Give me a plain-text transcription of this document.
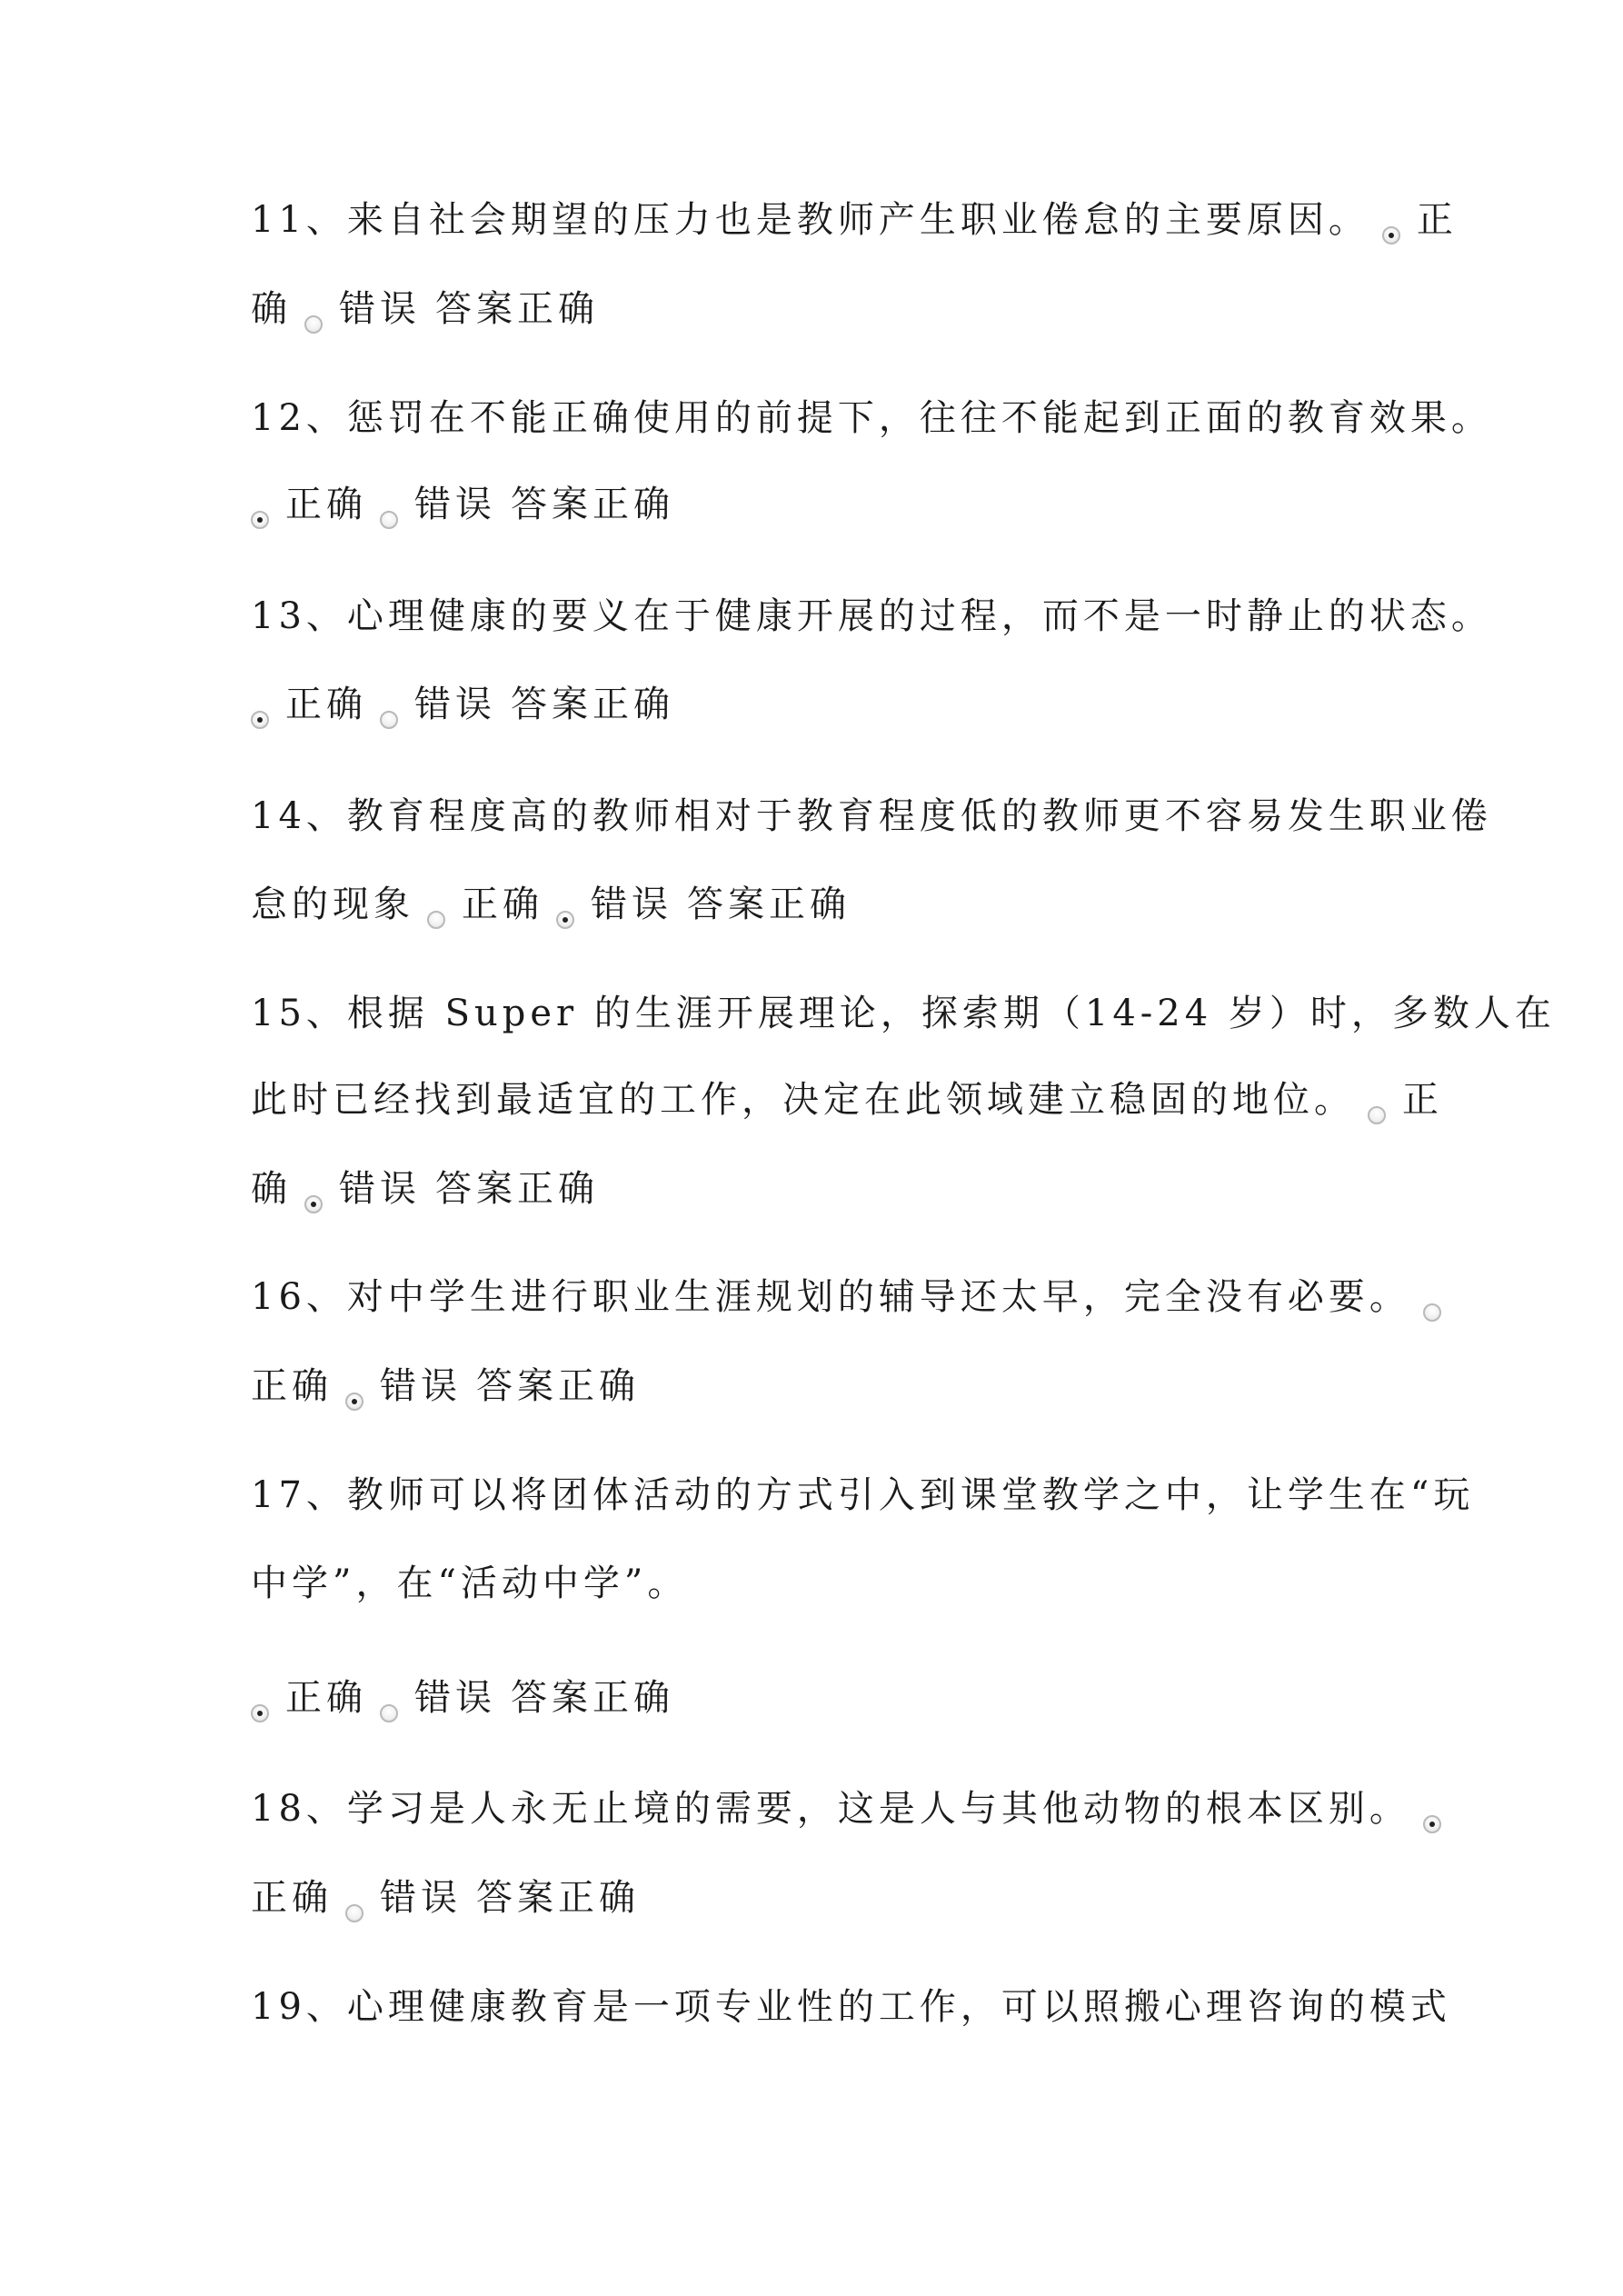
11、来自社会期望的压力也是教师产生职业倦怠的主要原因。 正
确 错误 答案正确
12、惩罚在不能正确使用的前提下，往往不能起到正面的教育效果。
正确 错误 答案正确
13、心理健康的要义在于健康开展的过程，而不是一时静止的状态。
正确 错误 答案正确
14、教育程度高的教师相对于教育程度低的教师更不容易发生职业倦
怠的现象 正确 错误 答案正确
15、根据 Super 的生涯开展理论，探索期（14-24 岁）时，多数人在
此时已经找到最适宜的工作，决定在此领域建立稳固的地位。 正
确 错误 答案正确
16、对中学生进行职业生涯规划的辅导还太早，完全没有必要。
正确 错误 答案正确
17、教师可以将团体活动的方式引入到课堂教学之中，让学生在“玩
中学”，在“活动中学”。
正确 错误 答案正确
18、学习是人永无止境的需要，这是人与其他动物的根本区别。
正确 错误 答案正确
19、心理健康教育是一项专业性的工作，可以照搬心理咨询的模式
